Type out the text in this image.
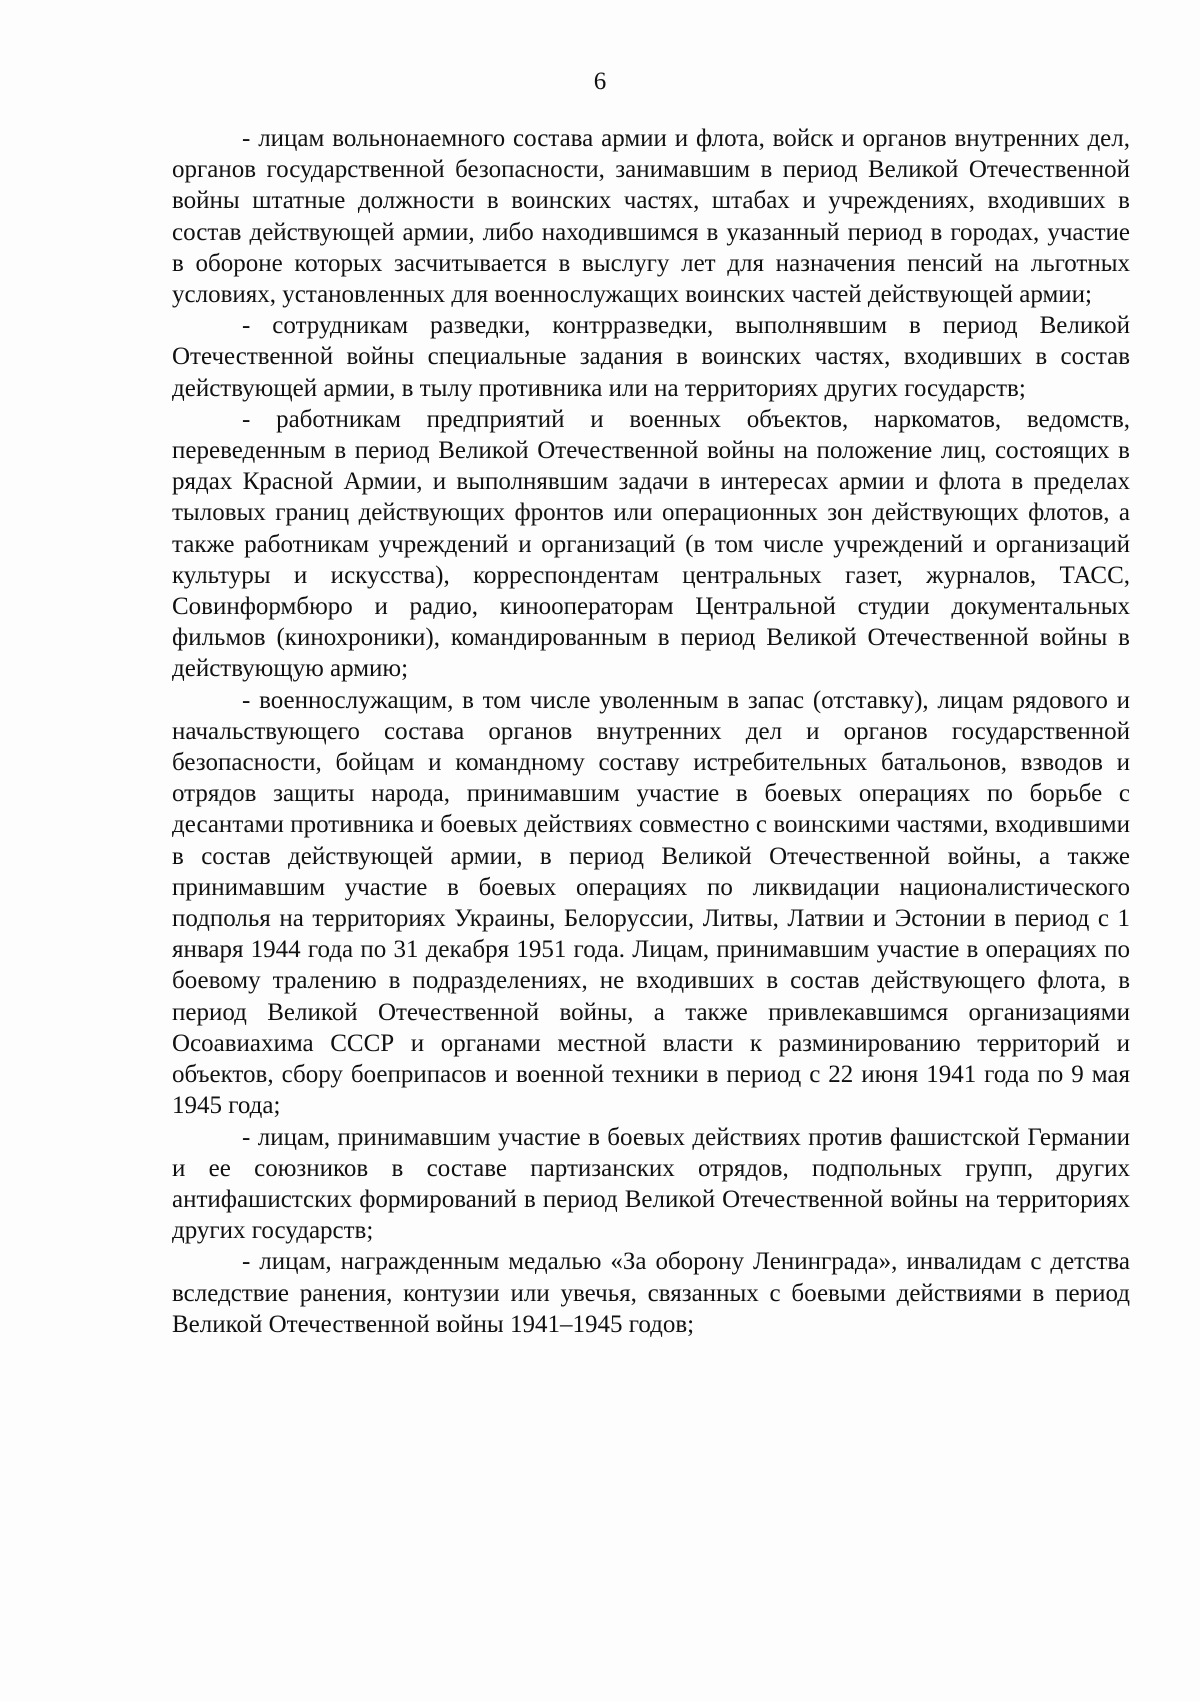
6

- лицам вольнонаемного состава армии и флота, войск и органов внутренних дел, органов государственной безопасности, занимавшим в период Великой Отечественной войны штатные должности в воинских частях, штабах и учреждениях, входивших в состав действующей армии, либо находившимся в указанный период в городах, участие в обороне которых засчитывается в выслугу лет для назначения пенсий на льготных условиях, установленных для военнослужащих воинских частей действующей армии;

- сотрудникам разведки, контрразведки, выполнявшим в период Великой Отечественной войны специальные задания в воинских частях, входивших в состав действующей армии, в тылу противника или на территориях других государств;

- работникам предприятий и военных объектов, наркоматов, ведомств, переведенным в период Великой Отечественной войны на положение лиц, состоящих в рядах Красной Армии, и выполнявшим задачи в интересах армии и флота в пределах тыловых границ действующих фронтов или операционных зон действующих флотов, а также работникам учреждений и организаций (в том числе учреждений и организаций культуры и искусства), корреспондентам центральных газет, журналов, ТАСС, Совинформбюро и радио, кинооператорам Центральной студии документальных фильмов (кинохроники), командированным в период Великой Отечественной войны в действующую армию;

- военнослужащим, в том числе уволенным в запас (отставку), лицам рядового и начальствующего состава органов внутренних дел и органов государственной безопасности, бойцам и командному составу истребительных батальонов, взводов и отрядов защиты народа, принимавшим участие в боевых операциях по борьбе с десантами противника и боевых действиях совместно с воинскими частями, входившими в состав действующей армии, в период Великой Отечественной войны, а также принимавшим участие в боевых операциях по ликвидации националистического подполья на территориях Украины, Белоруссии, Литвы, Латвии и Эстонии в период с 1 января 1944 года по 31 декабря 1951 года. Лицам, принимавшим участие в операциях по боевому тралению в подразделениях, не входивших в состав действующего флота, в период Великой Отечественной войны, а также привлекавшимся организациями Осоавиахима СССР и органами местной власти к разминированию территорий и объектов, сбору боеприпасов и военной техники в период с 22 июня 1941 года по 9 мая 1945 года;

- лицам, принимавшим участие в боевых действиях против фашистской Германии и ее союзников в составе партизанских отрядов, подпольных групп, других антифашистских формирований в период Великой Отечественной войны на территориях других государств;

- лицам, награжденным медалью «За оборону Ленинграда», инвалидам с детства вследствие ранения, контузии или увечья, связанных с боевыми действиями в период Великой Отечественной войны 1941–1945 годов;
